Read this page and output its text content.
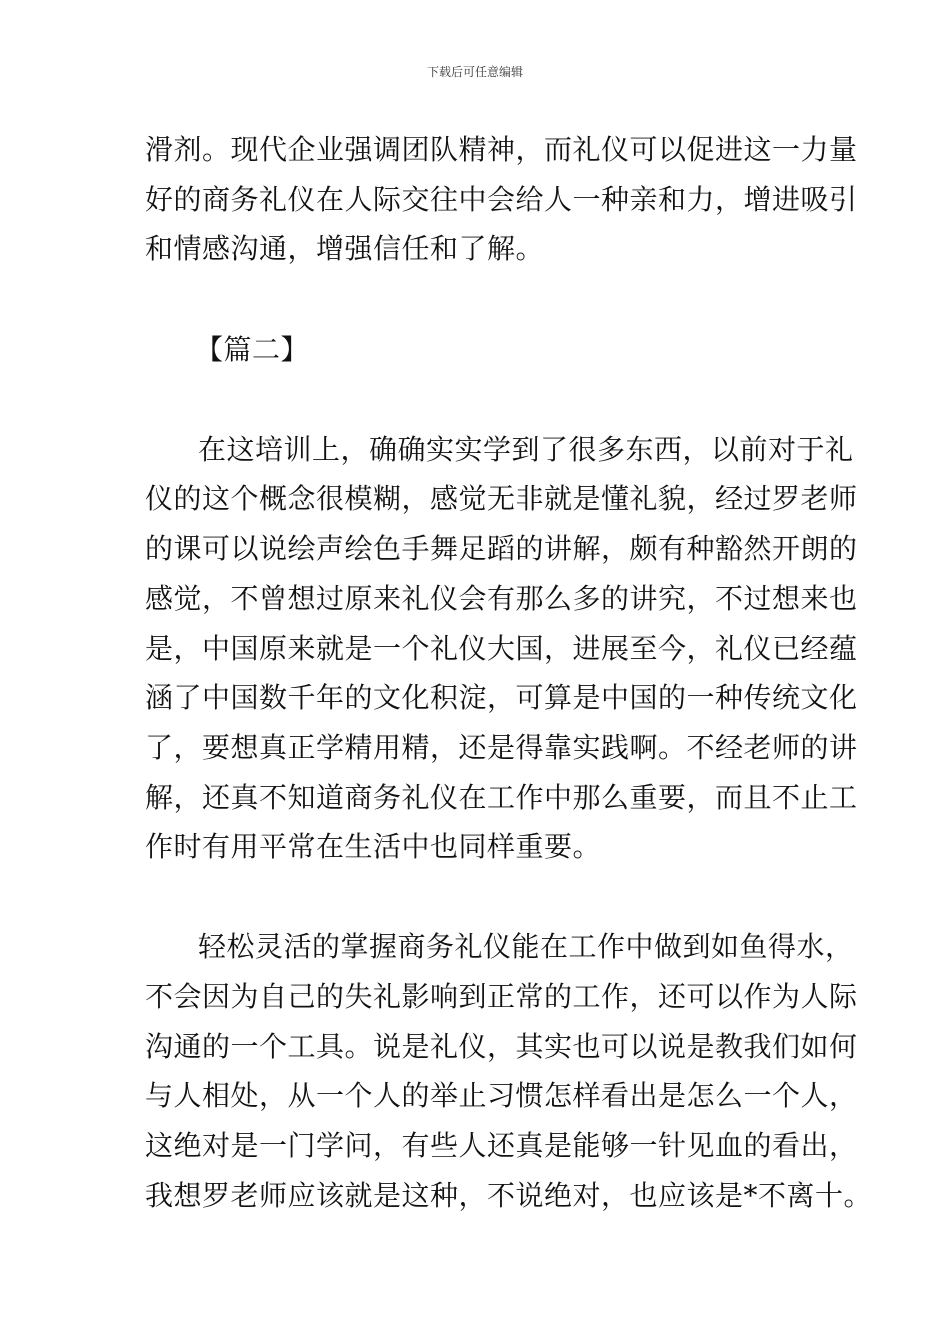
下载后可任意编辑
滑剂。现代企业强调团队精神，而礼仪可以促进这一力量
好的商务礼仪在人际交往中会给人一种亲和力，增进吸引
和情感沟通，增强信任和了解。
【篇二】
在这培训上，确确实实学到了很多东西，以前对于礼
仪的这个概念很模糊，感觉无非就是懂礼貌，经过罗老师
的课可以说绘声绘色手舞足蹈的讲解，颇有种豁然开朗的
感觉，不曾想过原来礼仪会有那么多的讲究，不过想来也
是，中国原来就是一个礼仪大国，进展至今，礼仪已经蕴
涵了中国数千年的文化积淀，可算是中国的一种传统文化
了，要想真正学精用精，还是得靠实践啊。不经老师的讲
解，还真不知道商务礼仪在工作中那么重要，而且不止工
作时有用平常在生活中也同样重要。
轻松灵活的掌握商务礼仪能在工作中做到如鱼得水，
不会因为自己的失礼影响到正常的工作，还可以作为人际
沟通的一个工具。说是礼仪，其实也可以说是教我们如何
与人相处，从一个人的举止习惯怎样看出是怎么一个人，
这绝对是一门学问，有些人还真是能够一针见血的看出，
我想罗老师应该就是这种，不说绝对，也应该是*不离十。
